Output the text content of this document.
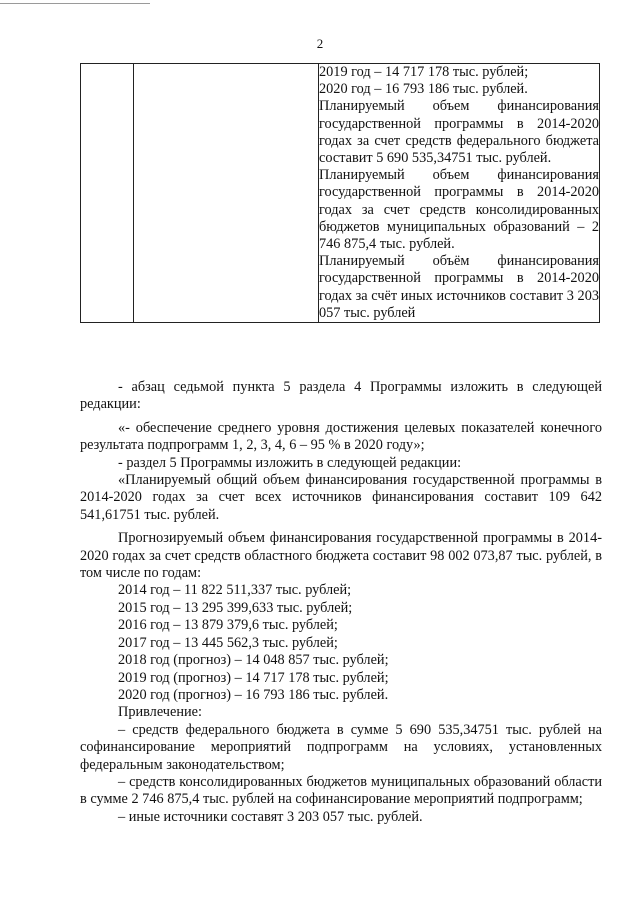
2

2019 год – 14 717 178 тыс. рублей;
2020 год – 16 793 186 тыс. рублей.
Планируемый объем финансирования государственной программы в 2014-2020 годах за счет средств федерального бюджета составит 5 690 535,34751 тыс. рублей.
Планируемый объем финансирования государственной программы в 2014-2020 годах за счет средств консолидированных бюджетов муниципальных образований – 2 746 875,4 тыс. рублей.
Планируемый объём финансирования государственной программы в 2014-2020 годах за счёт иных источников составит 3 203 057 тыс. рублей

- абзац седьмой пункта 5 раздела 4 Программы изложить в следующей редакции:

«- обеспечение среднего уровня достижения целевых показателей конечного результата подпрограмм 1, 2, 3, 4, 6 – 95 % в 2020 году»;

- раздел 5 Программы изложить в следующей редакции:

«Планируемый общий объем финансирования государственной программы в 2014-2020 годах за счет всех источников финансирования составит 109 642 541,61751 тыс. рублей.

Прогнозируемый объем финансирования государственной программы в 2014-2020 годах за счет средств областного бюджета составит 98 002 073,87 тыс. рублей, в том числе по годам:

2014 год – 11 822 511,337 тыс. рублей;
2015 год – 13 295 399,633 тыс. рублей;
2016 год – 13 879 379,6 тыс. рублей;
2017 год – 13 445 562,3 тыс. рублей;
2018 год (прогноз) – 14 048 857 тыс. рублей;
2019 год (прогноз) – 14 717 178 тыс. рублей;
2020 год (прогноз) – 16 793 186 тыс. рублей.

Привлечение:

– средств федерального бюджета в сумме 5 690 535,34751 тыс. рублей на софинансирование мероприятий подпрограмм на условиях, установленных федеральным законодательством;

– средств консолидированных бюджетов муниципальных образований области в сумме 2 746 875,4 тыс. рублей на софинансирование мероприятий подпрограмм;

– иные источники составят 3 203 057 тыс. рублей.
